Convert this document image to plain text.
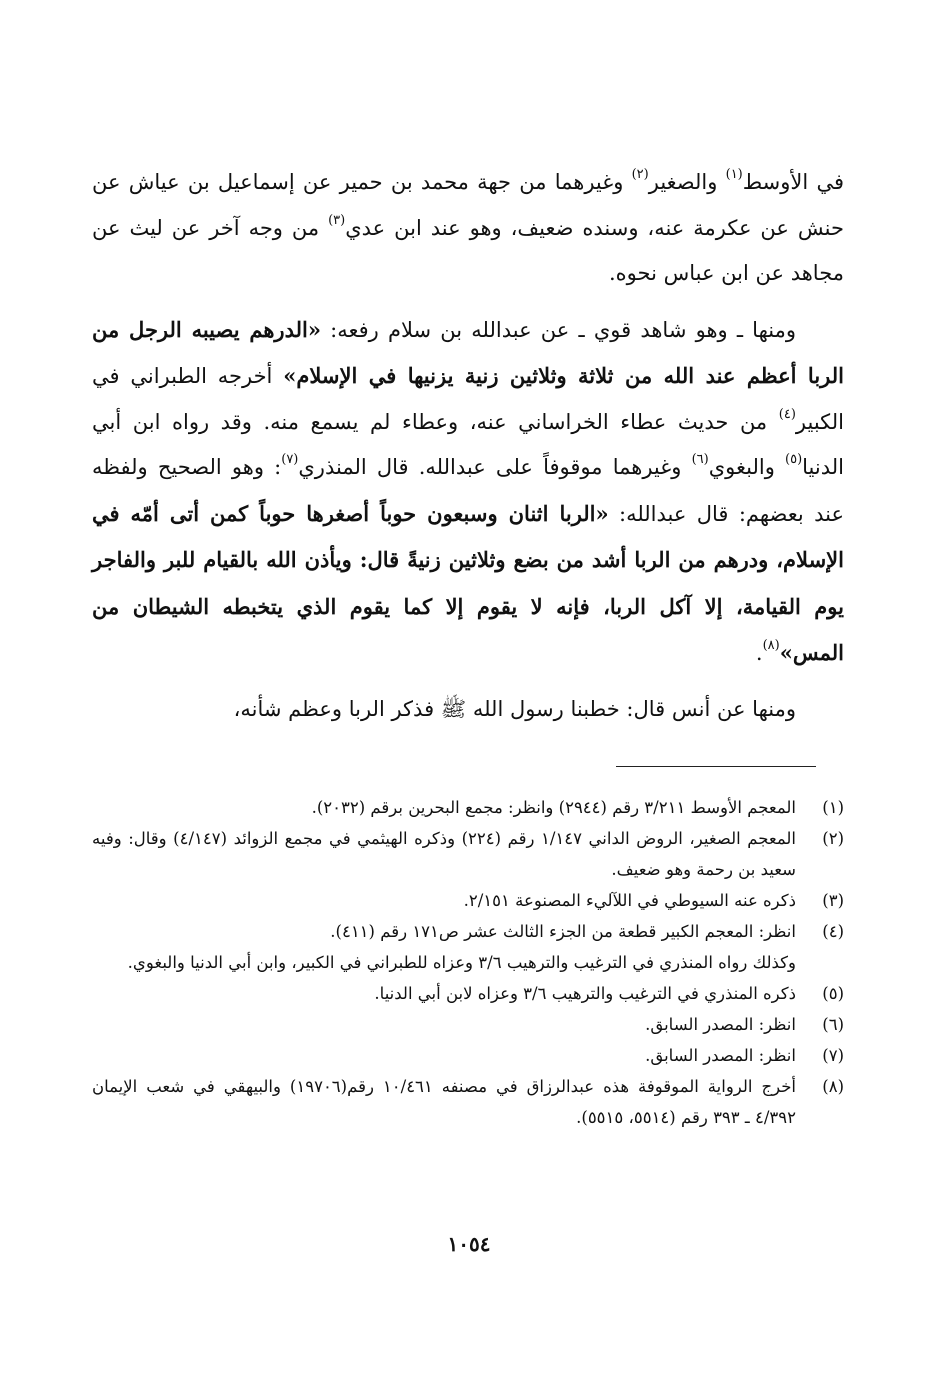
في الأوسط$^{(١)}$ والصغير$^{(٢)}$ وغيرهما من جهة محمد بن حمير عن إسماعيل بن عياش عن حنش عن عكرمة عنه، وسنده ضعيف، وهو عند ابن عدي$^{(٣)}$ من وجه آخر عن ليث عن مجاهد عن ابن عباس نحوه.

ومنها ـ وهو شاهد قوي ـ عن عبدالله بن سلام رفعه: «الدرهم يصيبه الرجل من الربا أعظم عند الله من ثلاثة وثلاثين زنية يزنيها في الإسلام» أخرجه الطبراني في الكبير$^{(٤)}$ من حديث عطاء الخراساني عنه، وعطاء لم يسمع منه. وقد رواه ابن أبي الدنيا$^{(٥)}$ والبغوي$^{(٦)}$ وغيرهما موقوفاً على عبدالله. قال المنذري$^{(٧)}$: وهو الصحيح ولفظه عند بعضهم: قال عبدالله: «الربا اثنان وسبعون حوباً أصغرها حوباً كمن أتى أمّه في الإسلام، ودرهم من الربا أشد من بضع وثلاثين زنيةً قال: ويأذن الله بالقيام للبر والفاجر يوم القيامة، إلا آكل الربا، فإنه لا يقوم إلا كما يقوم الذي يتخبطه الشيطان من المس»$^{(٨)}$.

ومنها عن أنس قال: خطبنا رسول الله ﷺ فذكر الربا وعظم شأنه،

(١)
المعجم الأوسط ٣/٢١١ رقم (٢٩٤٤) وانظر: مجمع البحرين برقم (٢٠٣٢).
(٢)
المعجم الصغير، الروض الداني ١/١٤٧ رقم (٢٢٤) وذكره الهيثمي في مجمع الزوائد (٤/١٤٧) وقال: وفيه سعيد بن رحمة وهو ضعيف.
(٣)
ذكره عنه السيوطي في اللآليء المصنوعة ٢/١٥١.
(٤)
انظر: المعجم الكبير قطعة من الجزء الثالث عشر ص١٧١ رقم (٤١١).
وكذلك رواه المنذري في الترغيب والترهيب ٣/٦ وعزاه للطبراني في الكبير، وابن أبي الدنيا والبغوي.
(٥)
ذكره المنذري في الترغيب والترهيب ٣/٦ وعزاه لابن أبي الدنيا.
(٦)
انظر: المصدر السابق.
(٧)
انظر: المصدر السابق.
(٨)
أخرج الرواية الموقوفة هذه عبدالرزاق في مصنفه ١٠/٤٦١ رقم(١٩٧٠٦) والبيهقي في شعب الإيمان ٤/٣٩٢ ـ ٣٩٣ رقم (٥٥١٤، ٥٥١٥).
١٠٥٤
